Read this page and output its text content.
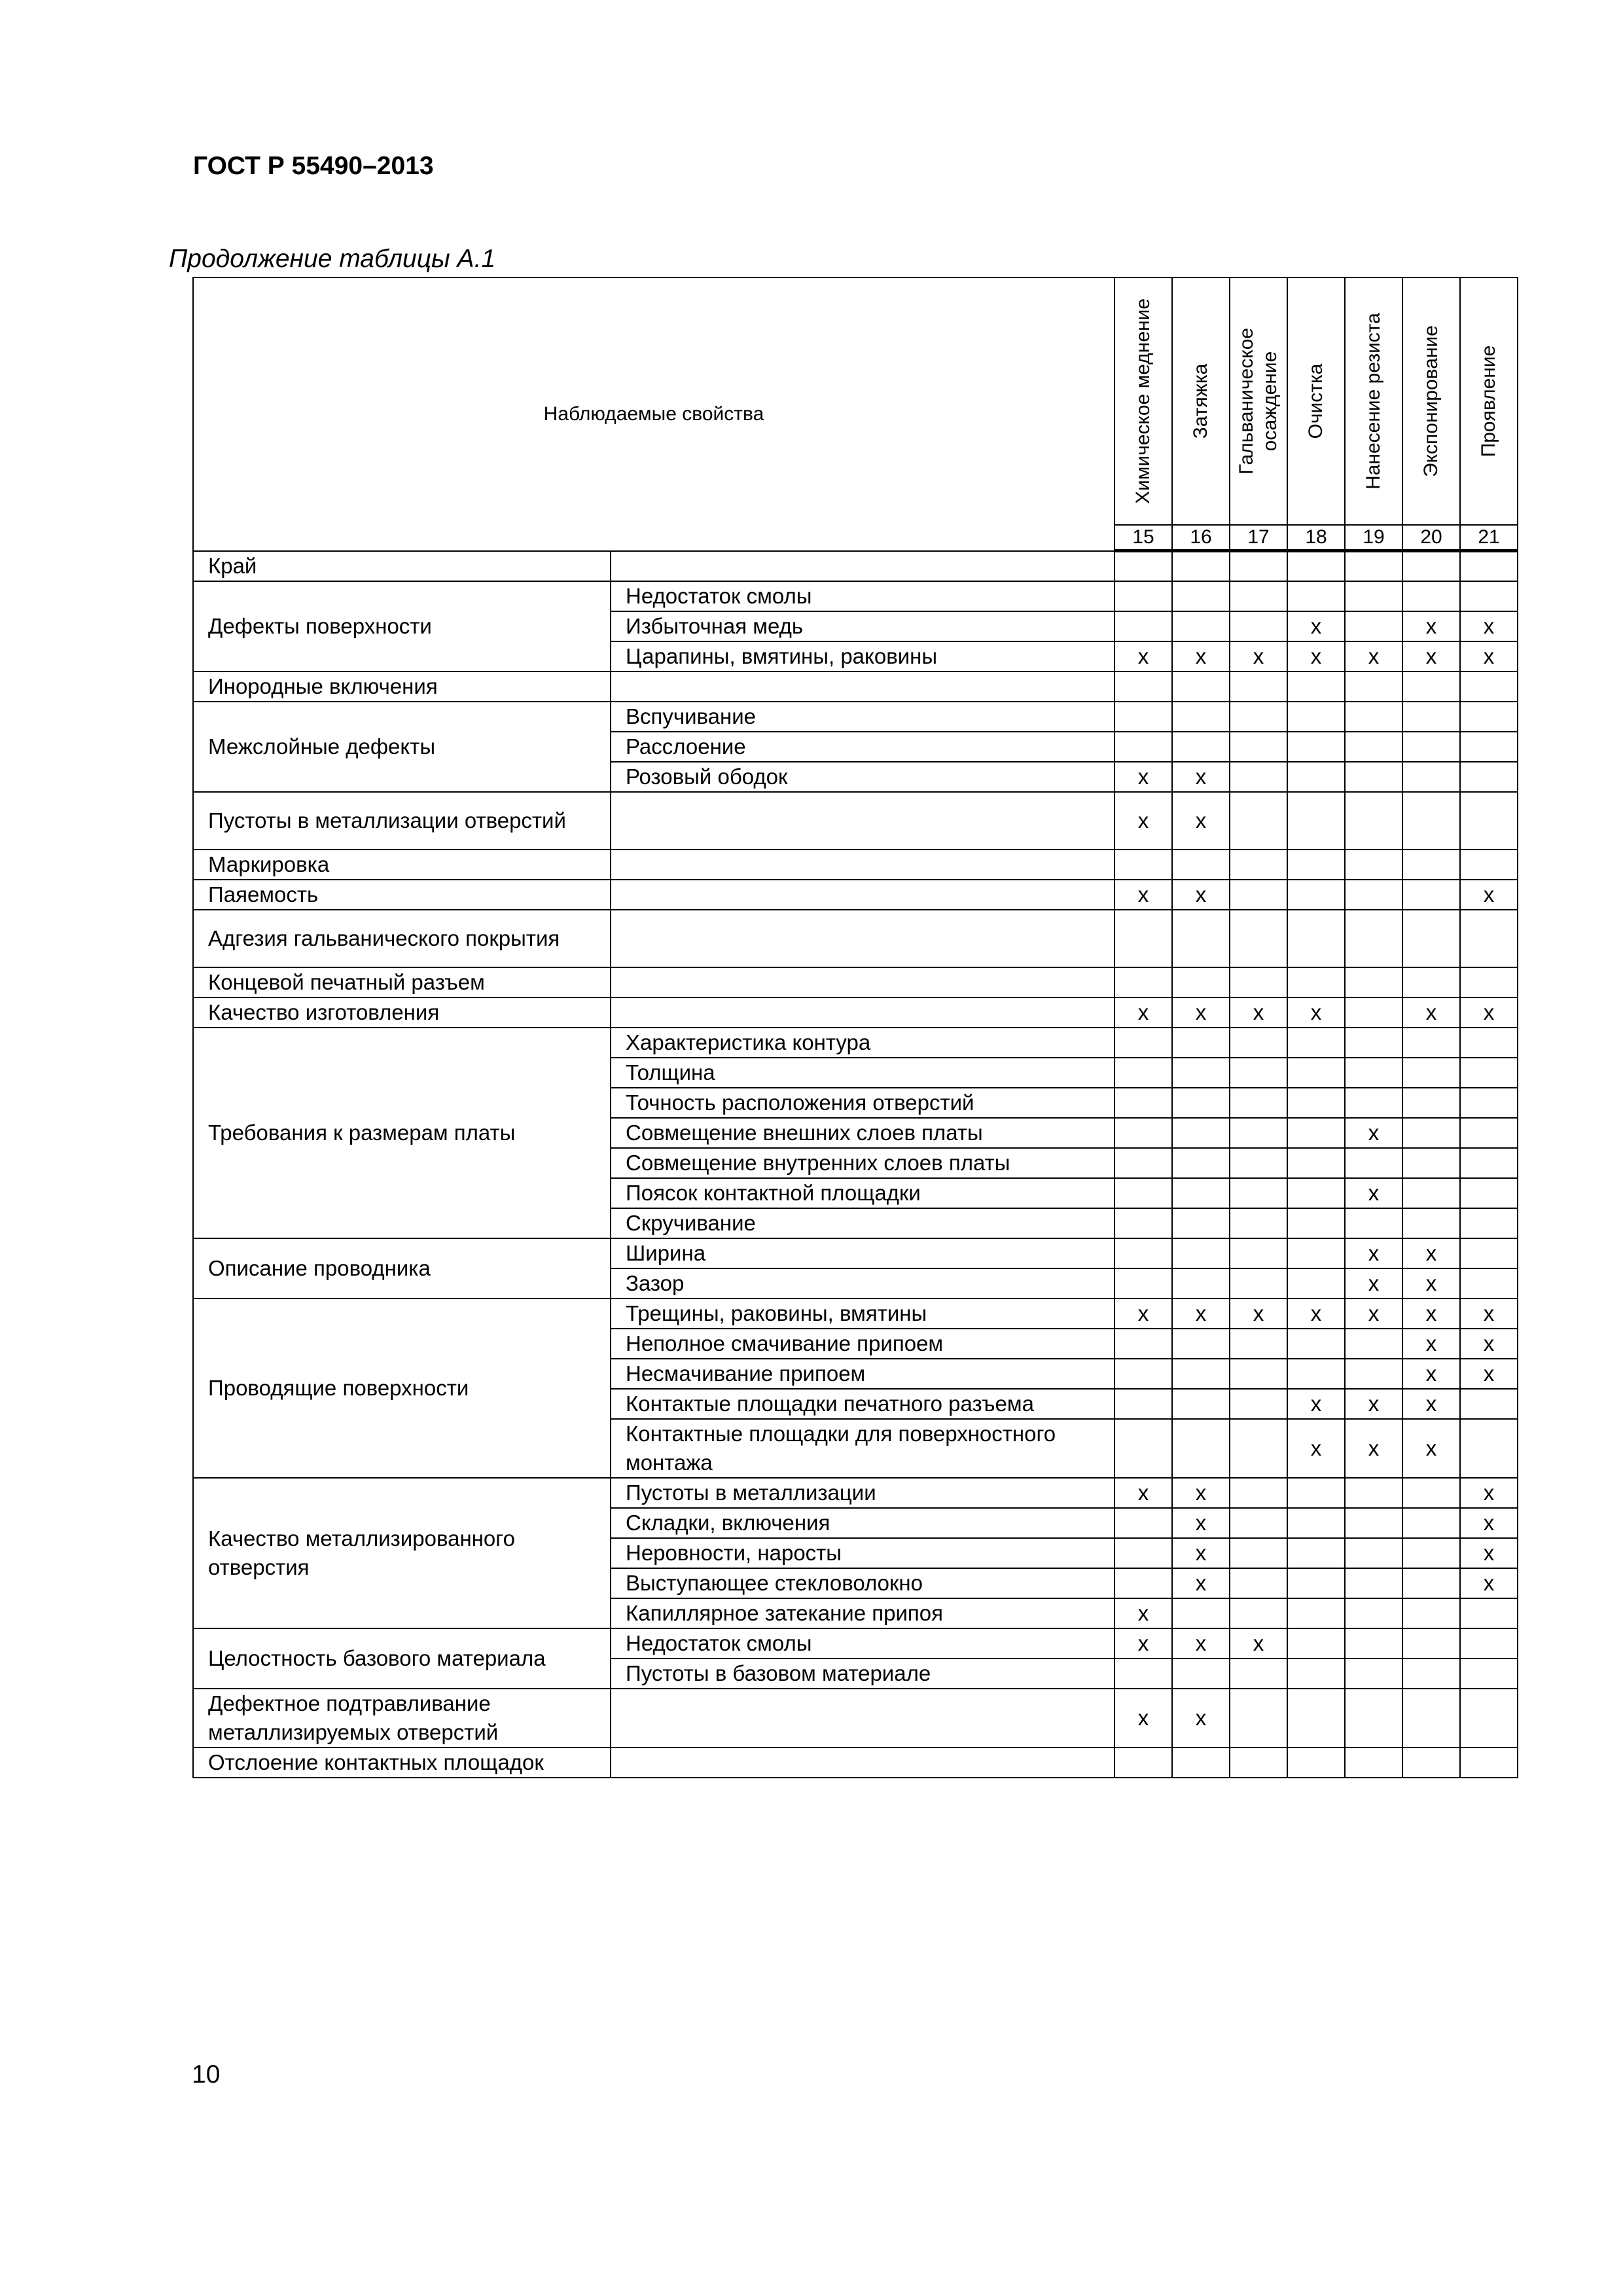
ГОСТ Р 55490–2013
Продолжение таблицы А.1
Наблюдаемые свойства		Химическое меднение	Затяжка	Гальваническое осаждение	Очистка	Нанесение резиста	Экспонирование	Проявление

		15	16	17	18	19	20	21
Край								
Дефекты поверхности	Недостаток смолы							
	Избыточная медь				x		x	x
	Царапины, вмятины, раковины	x	x	x	x	x	x	x
Инородные включения								
Межслойные дефекты	Вспучивание							
	Расслоение							
	Розовый ободок	x	x					
Пустоты в металлизации отверстий		x	x					
Маркировка								
Паяемость		x	x					x
Адгезия гальванического покрытия								
Концевой печатный разъем								
Качество изготовления		x	x	x	x		x	x
Требования к размерам платы	Характеристика контура							
	Толщина							
	Точность расположения отверстий							
	Совмещение внешних слоев платы					x		
	Совмещение внутренних слоев платы							
	Поясок контактной площадки					x		
	Скручивание							
Описание проводника	Ширина					x	x	
	Зазор					x	x	
Проводящие поверхности	Трещины, раковины, вмятины	x	x	x	x	x	x	x
	Неполное смачивание припоем						x	x
	Несмачивание припоем						x	x
	Контактые площадки печатного разъема				x	x	x	
	Контактные площадки для поверхностного монтажа				x	x	x	
Качество металлизированного отверстия	Пустоты в металлизации	x	x					x
	Складки, включения		x					x
	Неровности, наросты		x					x
	Выступающее стекловолокно		x					x
	Капиллярное затекание припоя	x						
Целостность базового материала	Недостаток смолы	x	x	x				
	Пустоты в базовом материале							
Дефектное подтравливание металлизируемых отверстий		x	x					
Отслоение контактных площадок								
10
